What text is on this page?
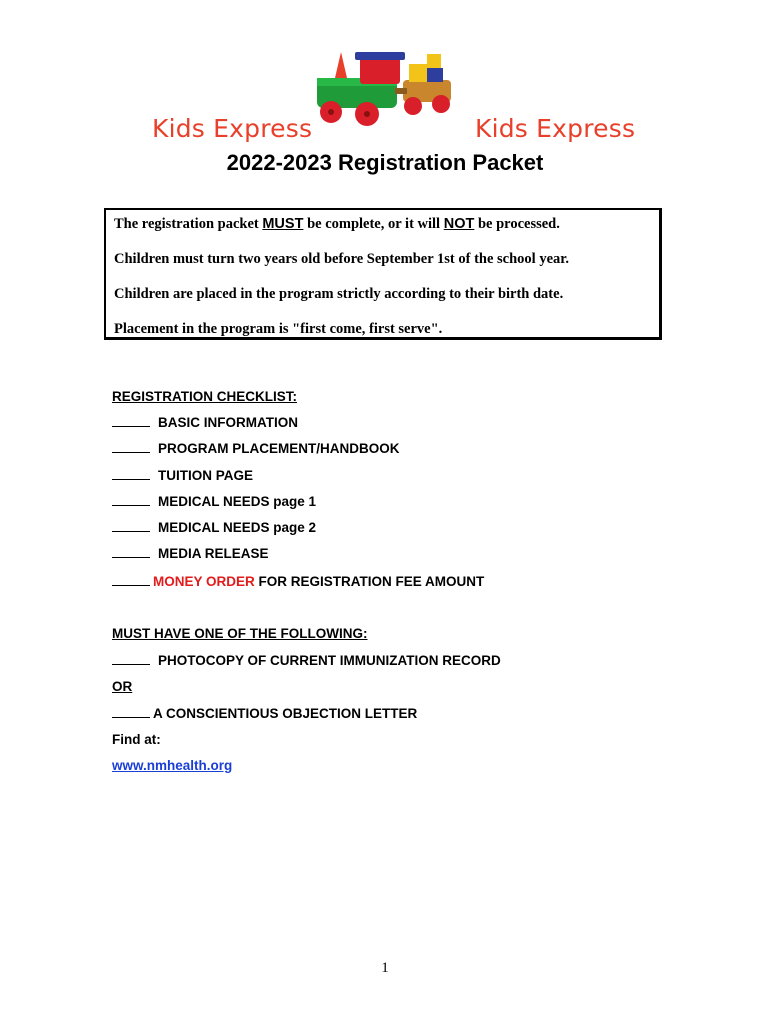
Kids Express	Kids Express
2022-2023 Registration Packet
The registration packet MUST be complete, or it will NOT be processed.
Children must turn two years old before September 1st of the school year.
Children are placed in the program strictly according to their birth date.
Placement in the program is "first come, first serve".
REGISTRATION CHECKLIST:
BASIC INFORMATION
PROGRAM PLACEMENT/HANDBOOK
TUITION PAGE
MEDICAL NEEDS page 1
MEDICAL NEEDS page 2
MEDIA RELEASE
MONEY ORDER FOR REGISTRATION FEE AMOUNT
MUST HAVE ONE OF THE FOLLOWING:
PHOTOCOPY OF CURRENT IMMUNIZATION RECORD
OR
A CONSCIENTIOUS OBJECTION LETTER
Find at:
www.nmhealth.org
1
